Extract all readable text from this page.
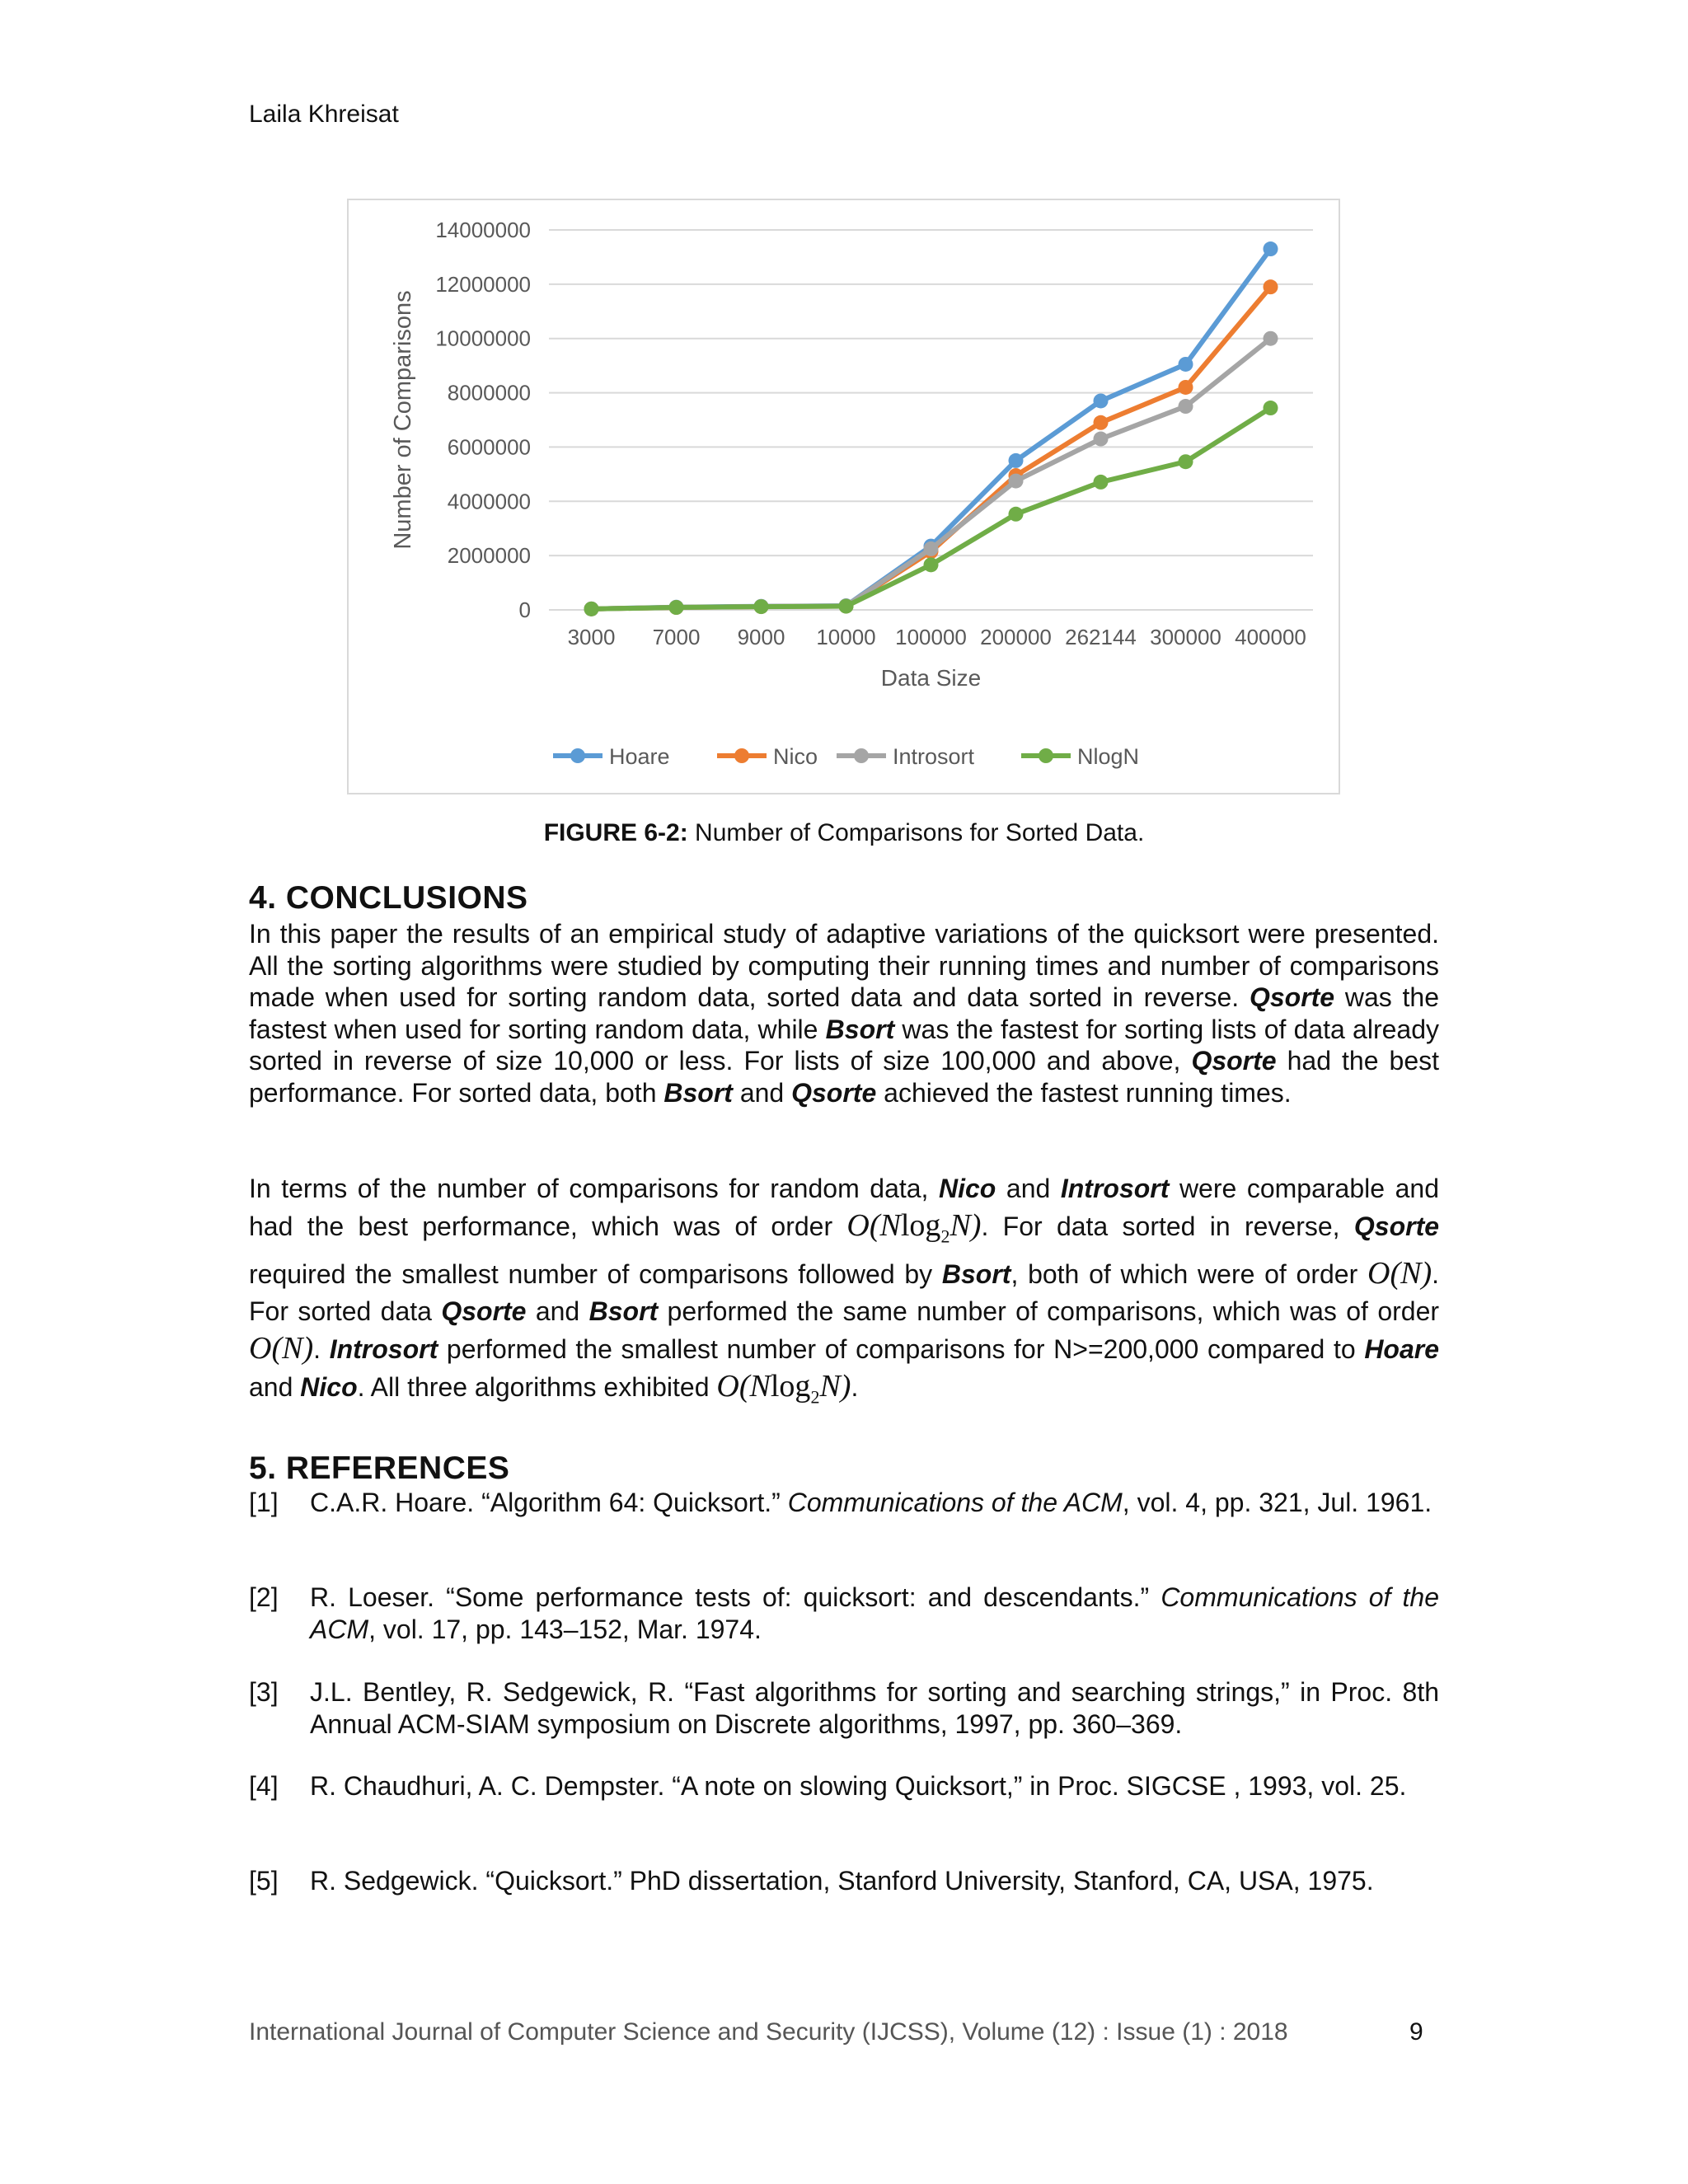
Laila Khreisat
0
2000000
4000000
6000000
8000000
10000000
12000000
14000000
3000 7000 9000 10000 100000 200000 262144 300000 400000
Data Size
Number of Comparisons
Hoare	Nico	Introsort	NlogN
FIGURE 6-2: Number of Comparisons for Sorted Data.
4. CONCLUSIONS

In this paper the results of an empirical study of adaptive variations of the quicksort were presented. All the sorting algorithms were studied by computing their running times and number of comparisons made when used for sorting random data, sorted data and data sorted in reverse. Qsorte was the fastest when used for sorting random data, while Bsort was the fastest for sorting lists of data already sorted in reverse of size 10,000 or less. For lists of size 100,000 and above, Qsorte had the best performance. For sorted data, both Bsort and Qsorte achieved the fastest running times.

In terms of the number of comparisons for random data, Nico and Introsort were comparable and had the best performance, which was of order O(Nlog$_2$N). For data sorted in reverse, Qsorte required the smallest number of comparisons followed by Bsort, both of which were of order O(N). For sorted data Qsorte and Bsort performed the same number of comparisons, which was of order O(N). Introsort performed the smallest number of comparisons for N>=200,000 compared to Hoare and Nico. All three algorithms exhibited O(Nlog$_2$N).

5. REFERENCES
[1] C.A.R. Hoare. “Algorithm 64: Quicksort.” Communications of the ACM, vol. 4, pp. 321, Jul. 1961.
[2] R. Loeser. “Some performance tests of: quicksort: and descendants.” Communications of the ACM, vol. 17, pp. 143–152, Mar. 1974.
[3] J.L. Bentley, R. Sedgewick, R. “Fast algorithms for sorting and searching strings,” in Proc. 8th Annual ACM-SIAM symposium on Discrete algorithms, 1997, pp. 360–369.
[4] R. Chaudhuri, A. C. Dempster. “A note on slowing Quicksort,” in Proc. SIGCSE , 1993, vol. 25.
[5] R. Sedgewick. “Quicksort.” PhD dissertation, Stanford University, Stanford, CA, USA, 1975.
International Journal of Computer Science and Security (IJCSS), Volume (12) : Issue (1) : 2018	9
